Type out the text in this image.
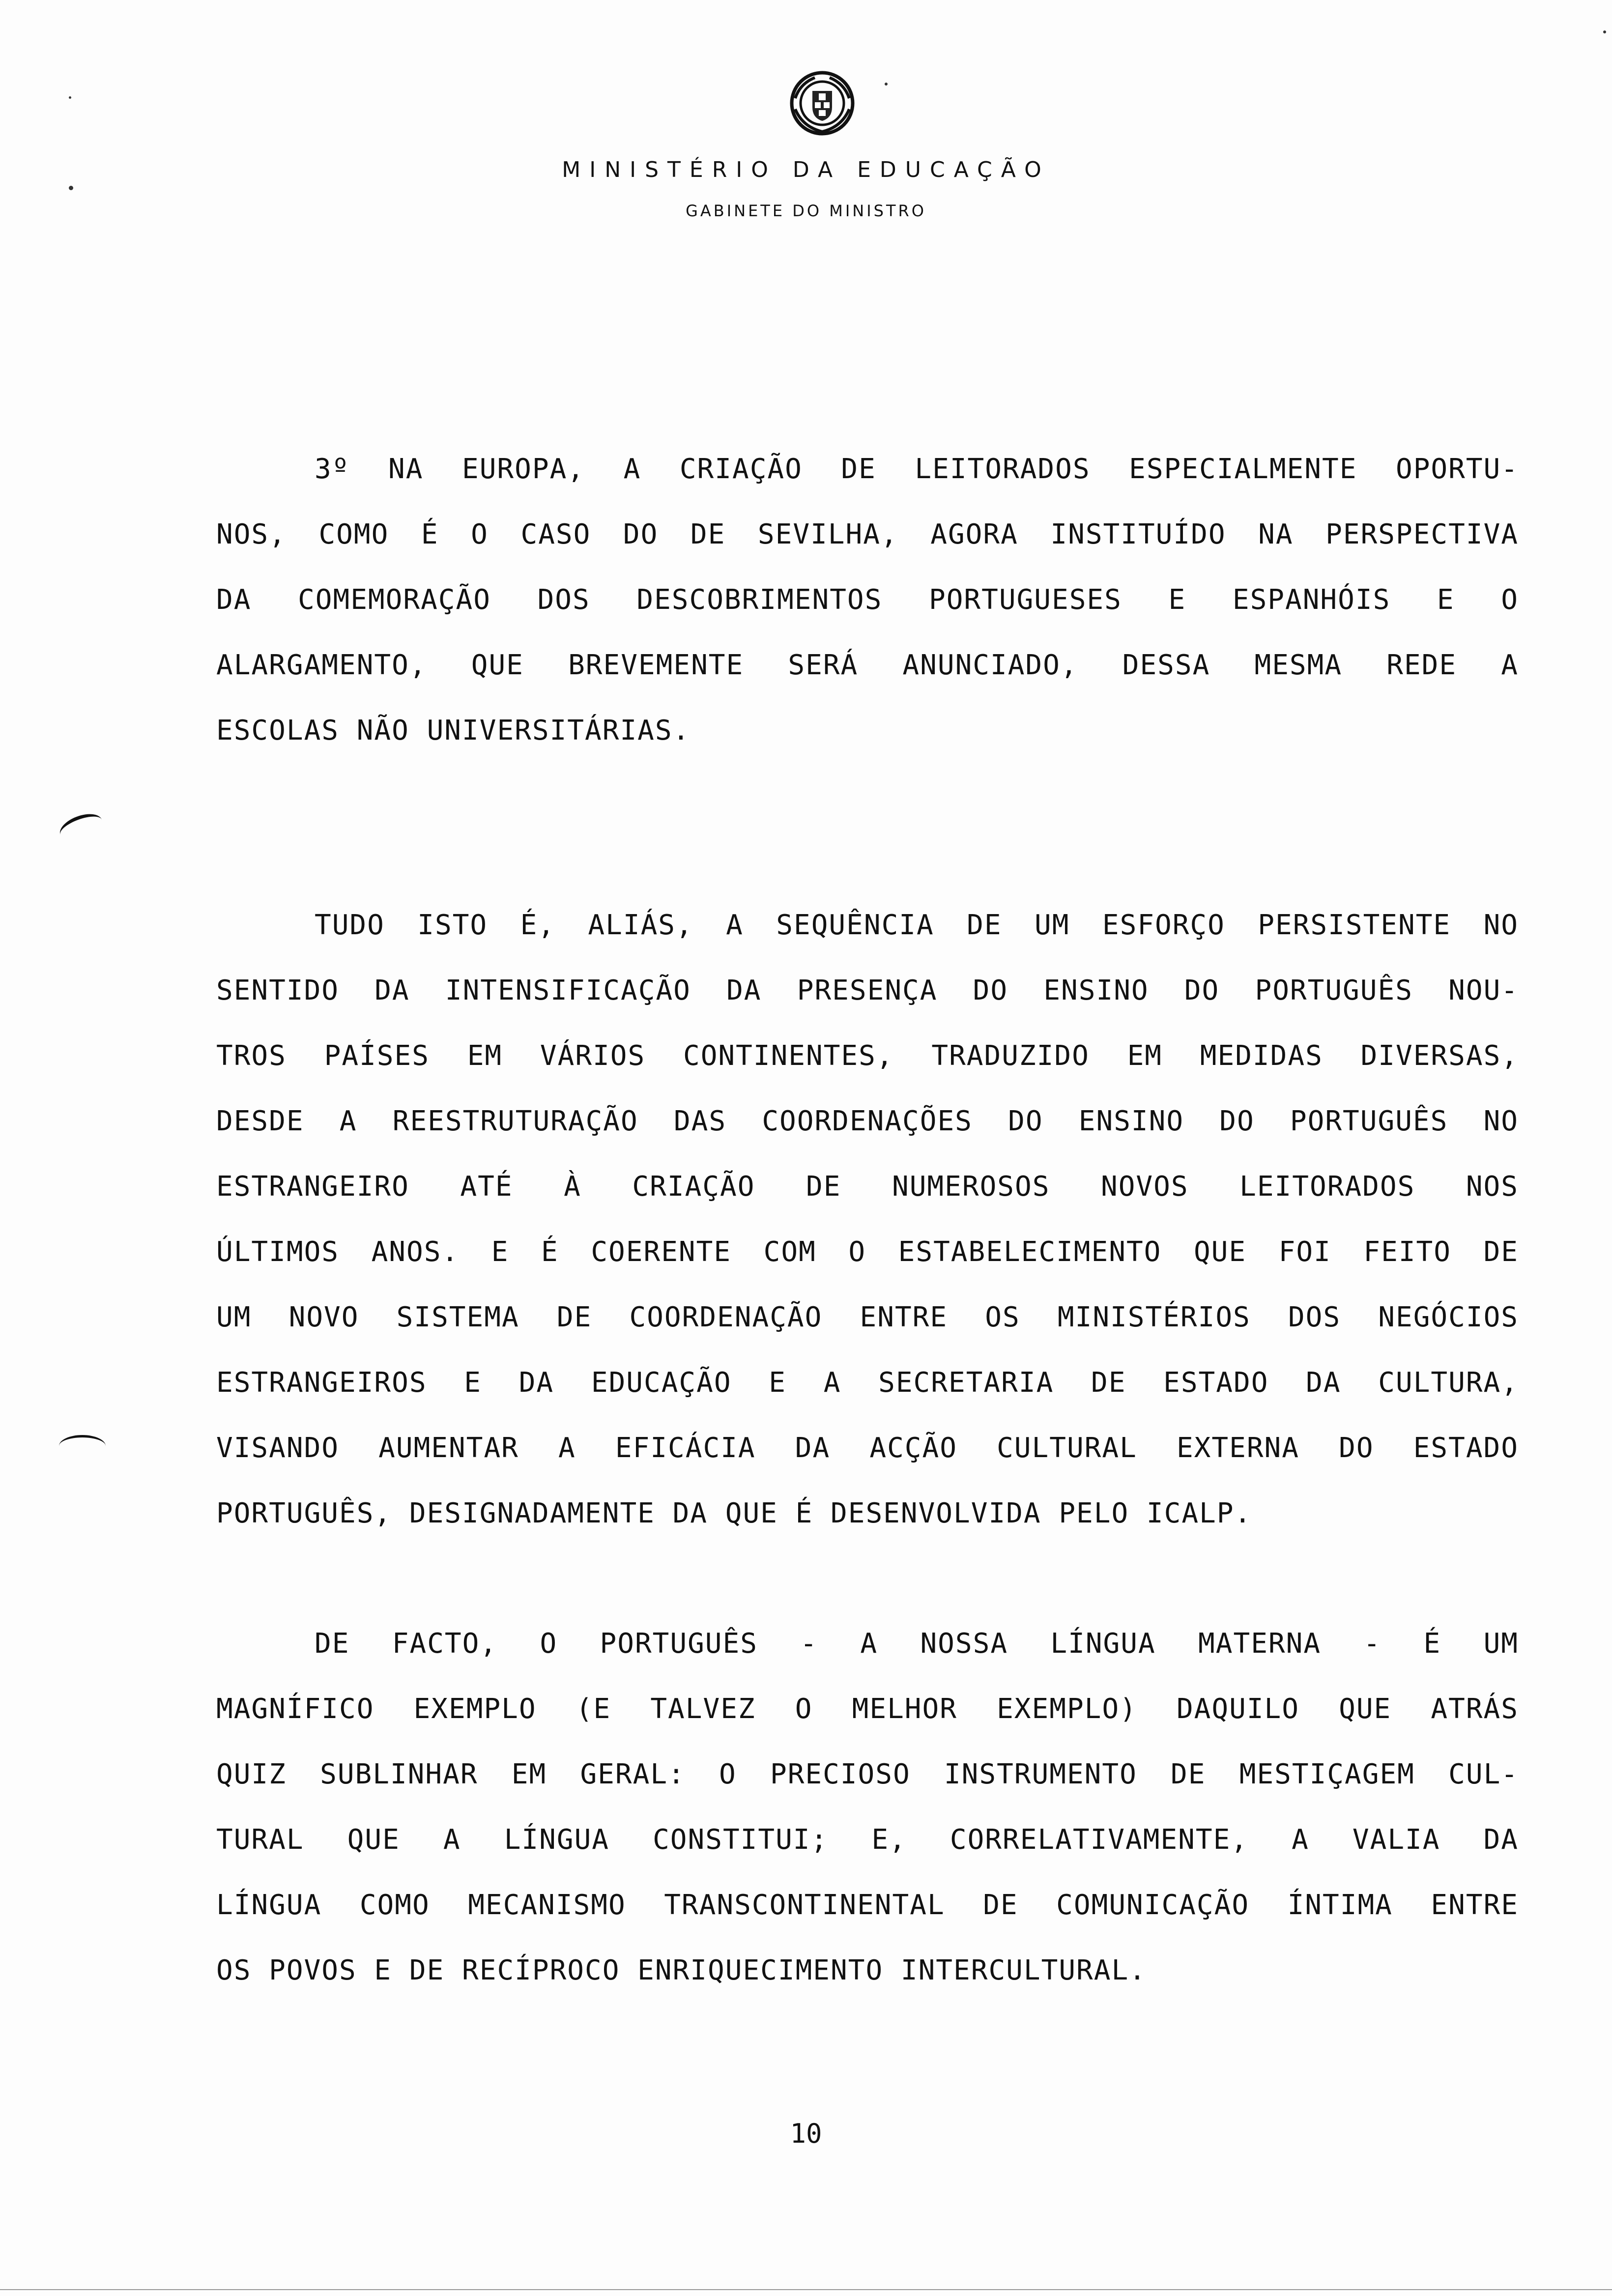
MINISTÉRIO DA EDUCAÇÃO
GABINETE DO MINISTRO
3º NA EUROPA, A CRIAÇÃO DE LEITORADOS ESPECIALMENTE OPORTU-
NOS, COMO É O CASO DO DE SEVILHA, AGORA INSTITUÍDO NA PERSPECTIVA
DA COMEMORAÇÃO DOS DESCOBRIMENTOS PORTUGUESES E ESPANHÓIS E O
ALARGAMENTO, QUE BREVEMENTE SERÁ ANUNCIADO, DESSA MESMA REDE A
ESCOLAS NÃO UNIVERSITÁRIAS.
TUDO ISTO É, ALIÁS, A SEQUÊNCIA DE UM ESFORÇO PERSISTENTE NO
SENTIDO DA INTENSIFICAÇÃO DA PRESENÇA DO ENSINO DO PORTUGUÊS NOU-
TROS PAÍSES EM VÁRIOS CONTINENTES, TRADUZIDO EM MEDIDAS DIVERSAS,
DESDE A REESTRUTURAÇÃO DAS COORDENAÇÕES DO ENSINO DO PORTUGUÊS NO
ESTRANGEIRO ATÉ À CRIAÇÃO DE NUMEROSOS NOVOS LEITORADOS NOS
ÚLTIMOS ANOS. E É COERENTE COM O ESTABELECIMENTO QUE FOI FEITO DE
UM NOVO SISTEMA DE COORDENAÇÃO ENTRE OS MINISTÉRIOS DOS NEGÓCIOS
ESTRANGEIROS E DA EDUCAÇÃO E A SECRETARIA DE ESTADO DA CULTURA,
VISANDO AUMENTAR A EFICÁCIA DA ACÇÃO CULTURAL EXTERNA DO ESTADO
PORTUGUÊS, DESIGNADAMENTE DA QUE É DESENVOLVIDA PELO ICALP.
DE FACTO, O PORTUGUÊS - A NOSSA LÍNGUA MATERNA - É UM
MAGNÍFICO EXEMPLO (E TALVEZ O MELHOR EXEMPLO) DAQUILO QUE ATRÁS
QUIZ SUBLINHAR EM GERAL: O PRECIOSO INSTRUMENTO DE MESTIÇAGEM CUL-
TURAL QUE A LÍNGUA CONSTITUI; E, CORRELATIVAMENTE, A VALIA DA
LÍNGUA COMO MECANISMO TRANSCONTINENTAL DE COMUNICAÇÃO ÍNTIMA ENTRE
OS POVOS E DE RECÍPROCO ENRIQUECIMENTO INTERCULTURAL.
10
